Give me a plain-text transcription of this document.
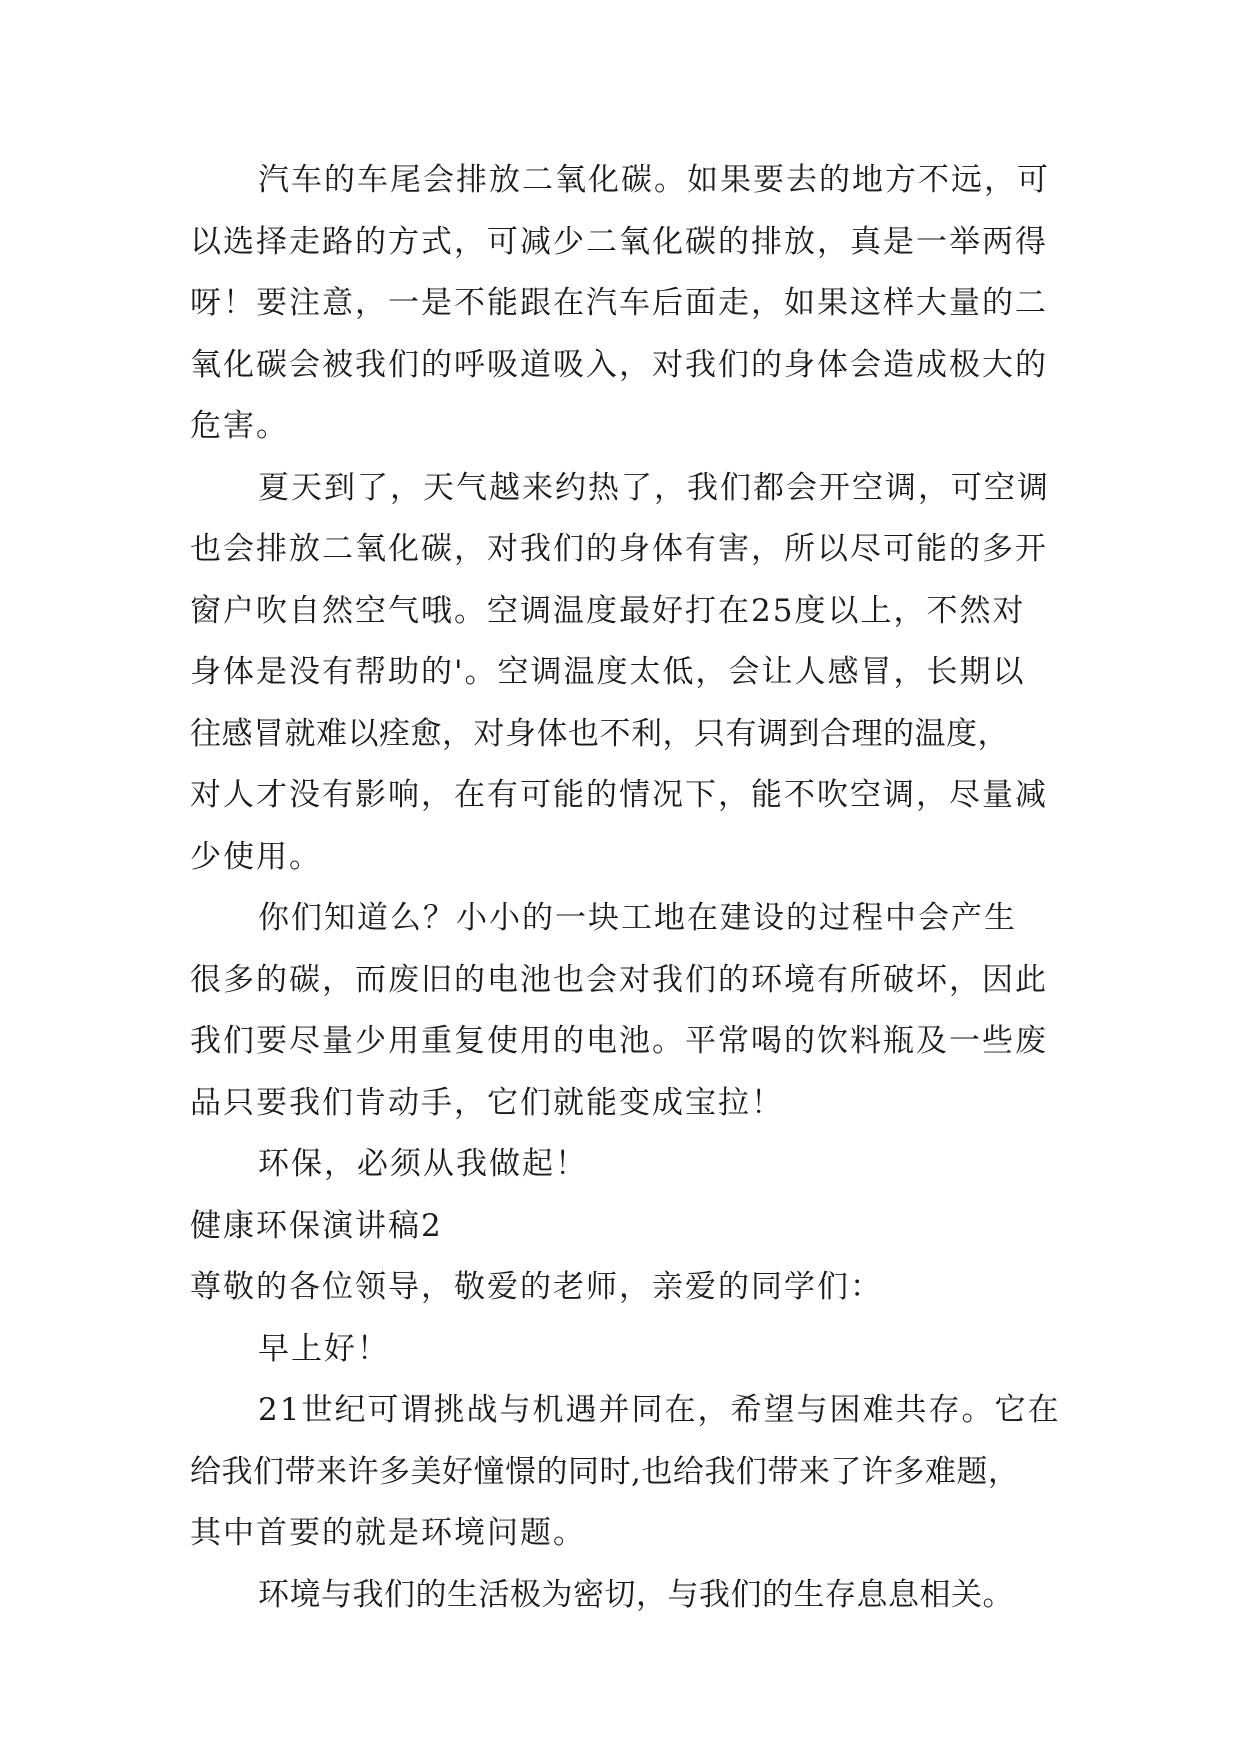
汽车的车尾会排放二氧化碳。如果要去的地方不远，可

以选择走路的方式，可减少二氧化碳的排放，真是一举两得

呀！要注意，一是不能跟在汽车后面走，如果这样大量的二

氧化碳会被我们的呼吸道吸入，对我们的身体会造成极大的

危害。

夏天到了，天气越来约热了，我们都会开空调，可空调

也会排放二氧化碳，对我们的身体有害，所以尽可能的多开

窗户吹自然空气哦。空调温度最好打在25度以上，不然对

身体是没有帮助的'。空调温度太低，会让人感冒，长期以

往感冒就难以痊愈，对身体也不利，只有调到合理的温度，

对人才没有影响，在有可能的情况下，能不吹空调，尽量减

少使用。

你们知道么？小小的一块工地在建设的过程中会产生

很多的碳，而废旧的电池也会对我们的环境有所破坏，因此

我们要尽量少用重复使用的电池。平常喝的饮料瓶及一些废

品只要我们肯动手，它们就能变成宝拉！

环保，必须从我做起！

健康环保演讲稿2

尊敬的各位领导，敬爱的老师，亲爱的同学们：

早上好！

21世纪可谓挑战与机遇并同在，希望与困难共存。它在

给我们带来许多美好憧憬的同时,也给我们带来了许多难题，

其中首要的就是环境问题。

环境与我们的生活极为密切，与我们的生存息息相关。
